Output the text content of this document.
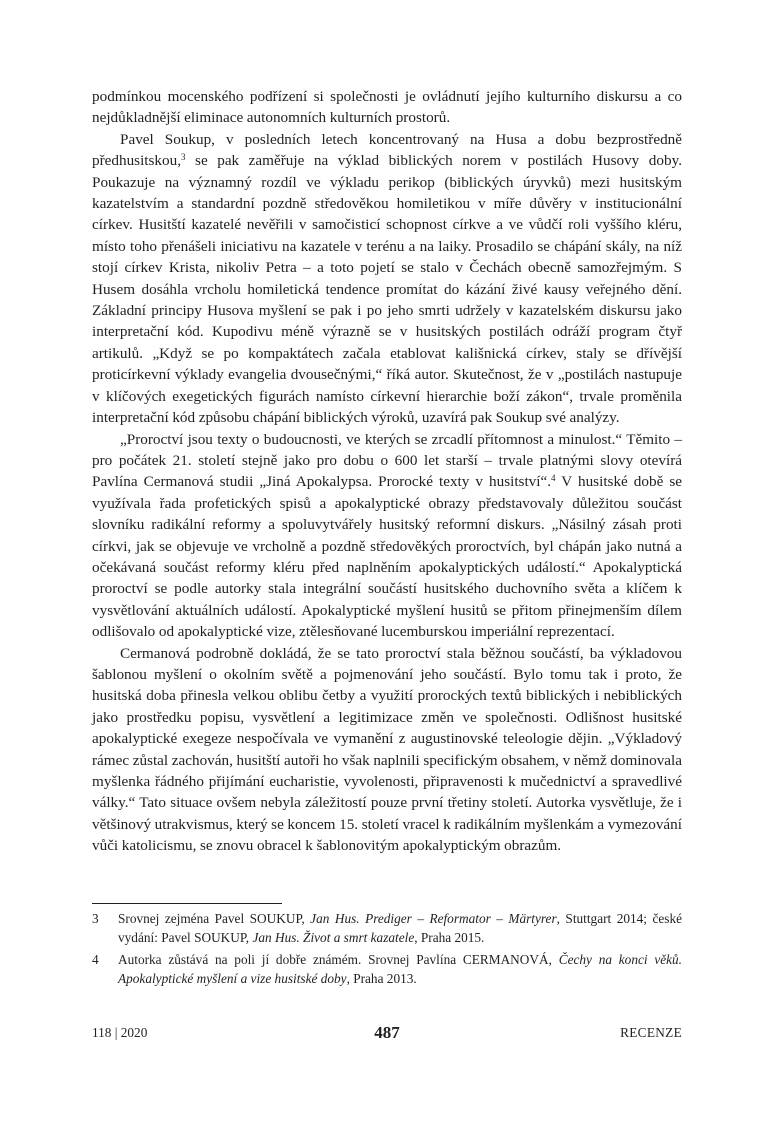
podmínkou mocenského podřízení si společnosti je ovládnutí jejího kulturního diskursu a co nejdůkladnější eliminace autonomních kulturních prostorů.

Pavel Soukup, v posledních letech koncentrovaný na Husa a dobu bezprostředně předhusitskou,$^3$ se pak zaměřuje na výklad biblických norem v postilách Husovy doby. Poukazuje na významný rozdíl ve výkladu perikop (biblických úryvků) mezi husitským kazatelstvím a standardní pozdně středověkou homiletikou v míře důvěry v institucionální církev. Husitští kazatelé nevěřili v samočisticí schopnost církve a ve vůdčí roli vyššího kléru, místo toho přenášeli iniciativu na kazatele v terénu a na laiky. Prosadilo se chápání skály, na níž stojí církev Krista, nikoliv Petra – a toto pojetí se stalo v Čechách obecně samozřejmým. S Husem dosáhla vrcholu homiletická tendence promítat do kázání živé kausy veřejného dění. Základní principy Husova myšlení se pak i po jeho smrti udržely v kazatelském diskursu jako interpretační kód. Kupodivu méně výrazně se v husitských postilách odráží program čtyř artikulů. „Když se po kompaktátech začala etablovat kališnická církev, staly se dřívější proticírkevní výklady evangelia dvousečnými,“ říká autor. Skutečnost, že v „postilách nastupuje v klíčových exegetických figurách namísto církevní hierarchie boží zákon“, trvale proměnila interpretační kód způsobu chápání biblických výroků, uzavírá pak Soukup své analýzy.

„Proroctví jsou texty o budoucnosti, ve kterých se zrcadlí přítomnost a minulost.“ Těmito – pro počátek 21. století stejně jako pro dobu o 600 let starší – trvale platnými slovy otevírá Pavlína Cermanová studii „Jiná Apokalypsa. Prorocké texty v husitství“.$^4$ V husitské době se využívala řada profetických spisů a apokalyptické obrazy představovaly důležitou součást slovníku radikální reformy a spoluvytvářely husitský reformní diskurs. „Násilný zásah proti církvi, jak se objevuje ve vrcholně a pozdně středověkých proroctvích, byl chápán jako nutná a očekávaná součást reformy kléru před naplněním apokalyptických událostí.“ Apokalyptická proroctví se podle autorky stala integrální součástí husitského duchovního světa a klíčem k vysvětlování aktuálních událostí. Apokalyptické myšlení husitů se přitom přinejmenším dílem odlišovalo od apokalyptické vize, ztělesňované lucemburskou imperiální reprezentací.

Cermanová podrobně dokládá, že se tato proroctví stala běžnou součástí, ba výkladovou šablonou myšlení o okolním světě a pojmenování jeho součástí. Bylo tomu tak i proto, že husitská doba přinesla velkou oblibu četby a využití prorockých textů biblických i nebiblických jako prostředku popisu, vysvětlení a legitimizace změn ve společnosti. Odlišnost husitské apokalyptické exegeze nespočívala ve vymanění z augustinovské teleologie dějin. „Výkladový rámec zůstal zachován, husitští autoři ho však naplnili specifickým obsahem, v němž dominovala myšlenka řádného přijímání eucharistie, vyvolenosti, připravenosti k mučednictví a spravedlivé války.“ Tato situace ovšem nebyla záležitostí pouze první třetiny století. Autorka vysvětluje, že i většinový utrakvismus, který se koncem 15. století vracel k radikálním myšlenkám a vymezování vůči katolicismu, se znovu obracel k šablonovitým apokalyptickým obrazům.

3	Srovnej zejména Pavel SOUKUP, Jan Hus. Prediger – Reformator – Märtyrer, Stuttgart 2014; české vydání: Pavel SOUKUP, Jan Hus. Život a smrt kazatele, Praha 2015.
4	Autorka zůstává na poli jí dobře známém. Srovnej Pavlína CERMANOVÁ, Čechy na konci věků. Apokalyptické myšlení a vize husitské doby, Praha 2013.
118 | 2020	487	RECENZE
